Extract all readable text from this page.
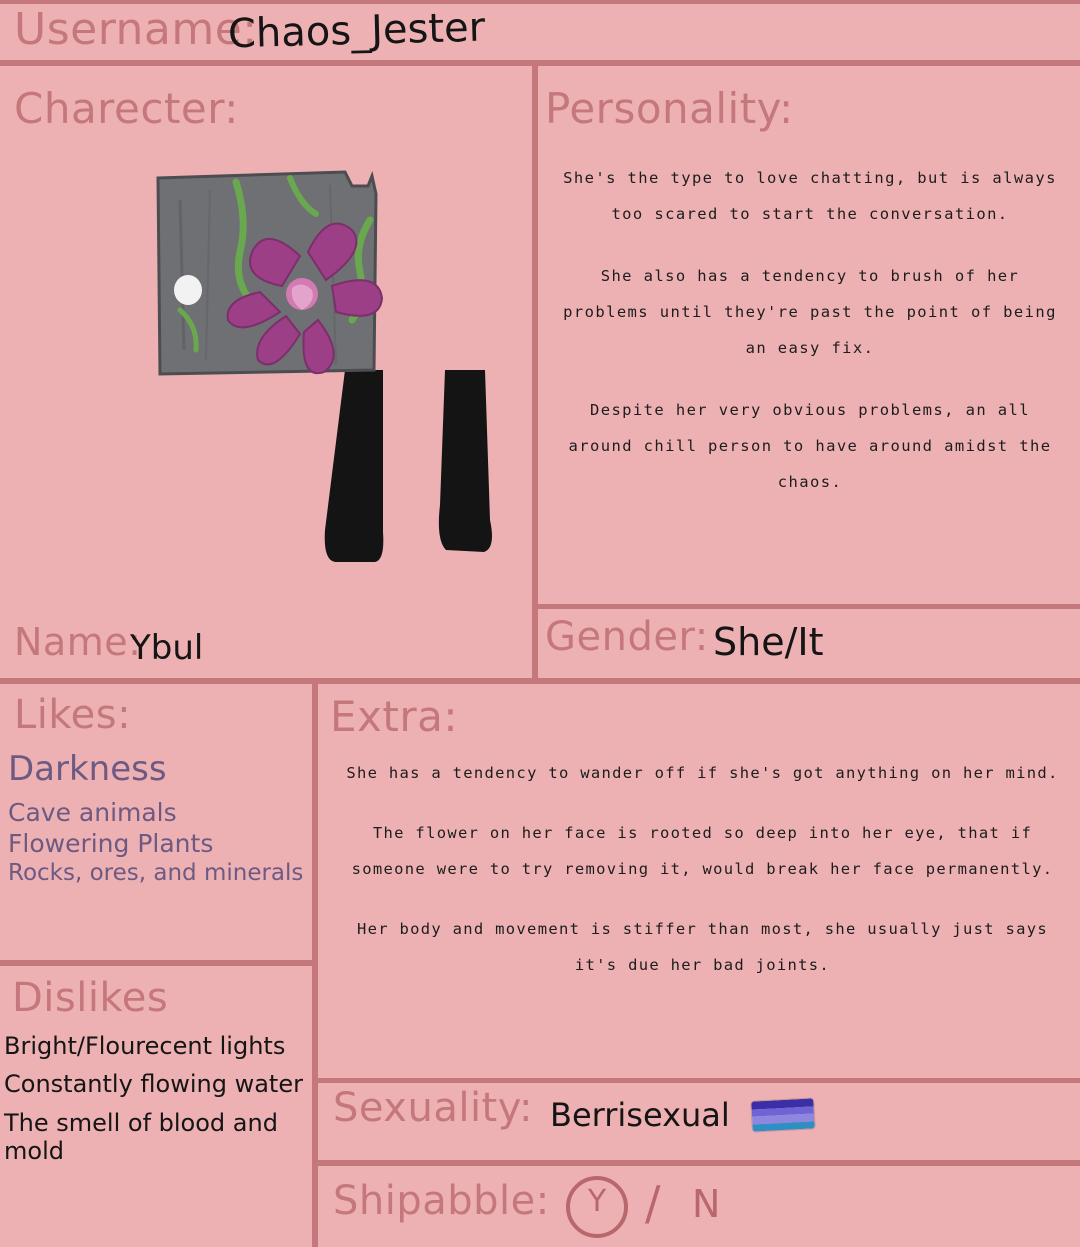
Username:
Chaos_Jester
Charecter:
Name:
Ybul
Personality:

She's the type to love chatting, but is always too scared to start the conversation.

She also has a tendency to brush of her problems until they're past the point of being an easy fix.

Despite her very obvious problems, an all around chill person to have around amidst the chaos.

Gender: She/It
Likes:
Darkness
Cave animals
Flowering Plants
Rocks, ores, and minerals
Dislikes
Bright/Flourecent lights
Constantly flowing water
The smell of blood and mold
Extra:

She has a tendency to wander off if she's got anything on her mind.

The flower on her face is rooted so deep into her eye, that if someone were to try removing it, would break her face permanently.

Her body and movement is stiffer than most, she usually just says it's due her bad joints.

Sexuality: Berrisexual
Shipabble:	Y / N
